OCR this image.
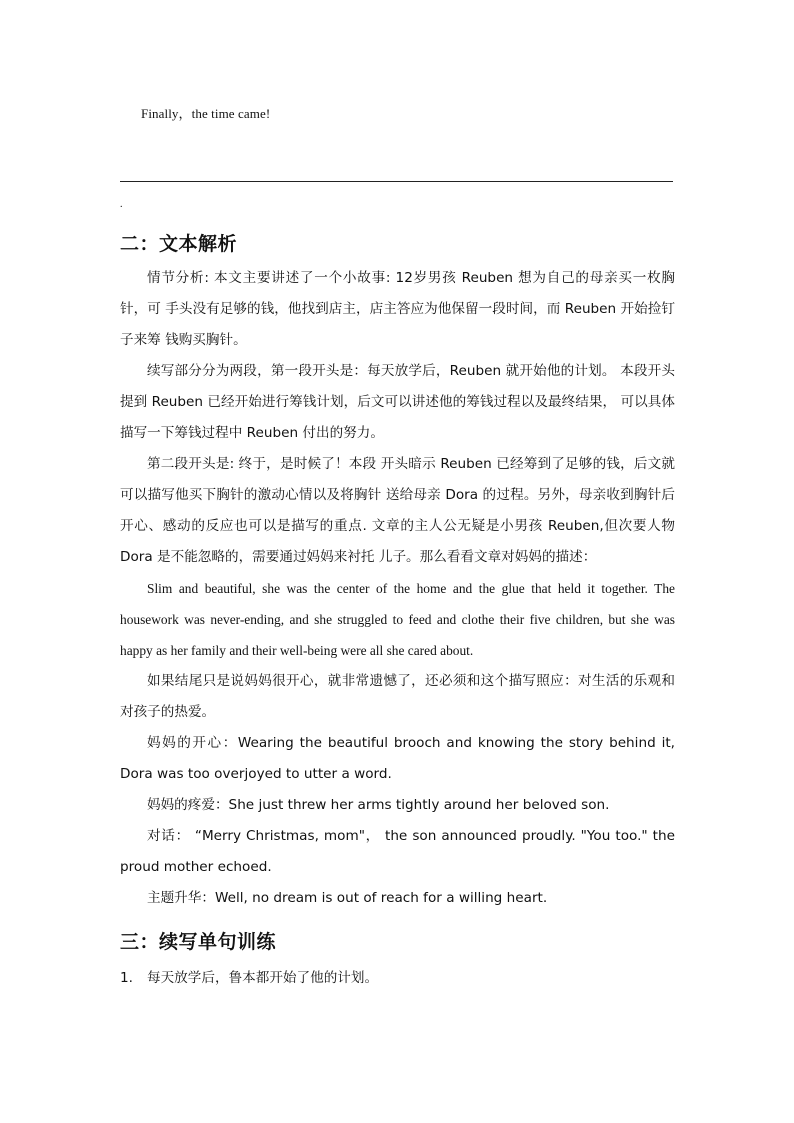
Finally，the time came!
.
二：文本解析

情节分析: 本文主要讲述了一个小故事: 12岁男孩 Reuben 想为自己的母亲买一枚胸针，可 手头没有足够的钱，他找到店主，店主答应为他保留一段时间，而 Reuben 开始捡钉子来筹 钱购买胸针。

续写部分分为两段，第一段开头是：每天放学后，Reuben 就开始他的计划。 本段开头提到 Reuben 已经开始进行筹钱计划，后文可以讲述他的筹钱过程以及最终结果， 可以具体描写一下筹钱过程中 Reuben 付出的努力。

第二段开头是: 终于，是时候了！本段 开头暗示 Reuben 已经筹到了足够的钱，后文就可以描写他买下胸针的激动心情以及将胸针 送给母亲 Dora 的过程。另外，母亲收到胸针后开心、感动的反应也可以是描写的重点. 文章的主人公无疑是小男孩 Reuben,但次要人物 Dora 是不能忽略的，需要通过妈妈来衬托 儿子。那么看看文章对妈妈的描述：

Slim and beautiful, she was the center of the home and the glue that held it together. The housework was never-ending, and she struggled to feed and clothe their five children, but she was happy as her family and their well-being were all she cared about.

如果结尾只是说妈妈很开心，就非常遗憾了，还必须和这个描写照应：对生活的乐观和对孩子的热爱。

妈妈的开心：Wearing the beautiful brooch and knowing the story behind it, Dora was too overjoyed to utter a word.

妈妈的疼爱：She just threw her arms tightly around her beloved son.

对话： “Merry Christmas, mom"， the son announced proudly. "You too." the proud mother echoed.

主题升华：Well, no dream is out of reach for a willing heart.

三：续写单句训练
1. 每天放学后，鲁本都开始了他的计划。
